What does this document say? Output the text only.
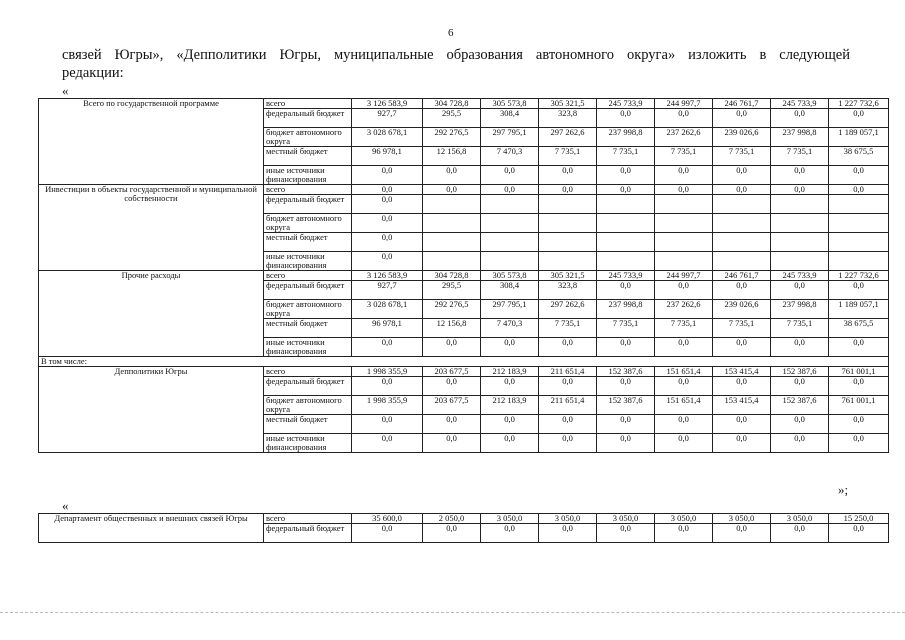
6
связей Югры», «Депполитики Югры, муниципальные образования автономного округа» изложить в следующей
редакции:
«
Всего по государственной программе	всего	3 126 583,9	304 728,8	305 573,8	305 321,5	245 733,9	244 997,7	246 761,7	245 733,9	1 227 732,6
	федеральный бюджет	927,7	295,5	308,4	323,8	0,0	0,0	0,0	0,0	0,0
	бюджет автономного округа	3 028 678,1	292 276,5	297 795,1	297 262,6	237 998,8	237 262,6	239 026,6	237 998,8	1 189 057,1
	местный бюджет	96 978,1	12 156,8	7 470,3	7 735,1	7 735,1	7 735,1	7 735,1	7 735,1	38 675,5
	иные источники финансирования	0,0	0,0	0,0	0,0	0,0	0,0	0,0	0,0	0,0
Инвестиции в объекты государственной и муниципальной собственности	всего	0,0	0,0	0,0	0,0	0,0	0,0	0,0	0,0	0,0
	федеральный бюджет	0,0								
	бюджет автономного округа	0,0								
	местный бюджет	0,0								
	иные источники финансирования	0,0								
Прочие расходы	всего	3 126 583,9	304 728,8	305 573,8	305 321,5	245 733,9	244 997,7	246 761,7	245 733,9	1 227 732,6
	федеральный бюджет	927,7	295,5	308,4	323,8	0,0	0,0	0,0	0,0	0,0
	бюджет автономного округа	3 028 678,1	292 276,5	297 795,1	297 262,6	237 998,8	237 262,6	239 026,6	237 998,8	1 189 057,1
	местный бюджет	96 978,1	12 156,8	7 470,3	7 735,1	7 735,1	7 735,1	7 735,1	7 735,1	38 675,5
	иные источники финансирования	0,0	0,0	0,0	0,0	0,0	0,0	0,0	0,0	0,0
В том числе:										
Депполитики Югры	всего	1 998 355,9	203 677,5	212 183,9	211 651,4	152 387,6	151 651,4	153 415,4	152 387,6	761 001,1
	федеральный бюджет	0,0	0,0	0,0	0,0	0,0	0,0	0,0	0,0	0,0
	бюджет автономного округа	1 998 355,9	203 677,5	212 183,9	211 651,4	152 387,6	151 651,4	153 415,4	152 387,6	761 001,1
	местный бюджет	0,0	0,0	0,0	0,0	0,0	0,0	0,0	0,0	0,0
	иные источники финансирования	0,0	0,0	0,0	0,0	0,0	0,0	0,0	0,0	0,0
«
Департамент общественных и внешних связей Югры	всего	35 600,0	2 050,0	3 050,0	3 050,0	3 050,0	3 050,0	3 050,0	3 050,0	15 250,0
	федеральный бюджет	0,0	0,0	0,0	0,0	0,0	0,0	0,0	0,0	0,0
»;
